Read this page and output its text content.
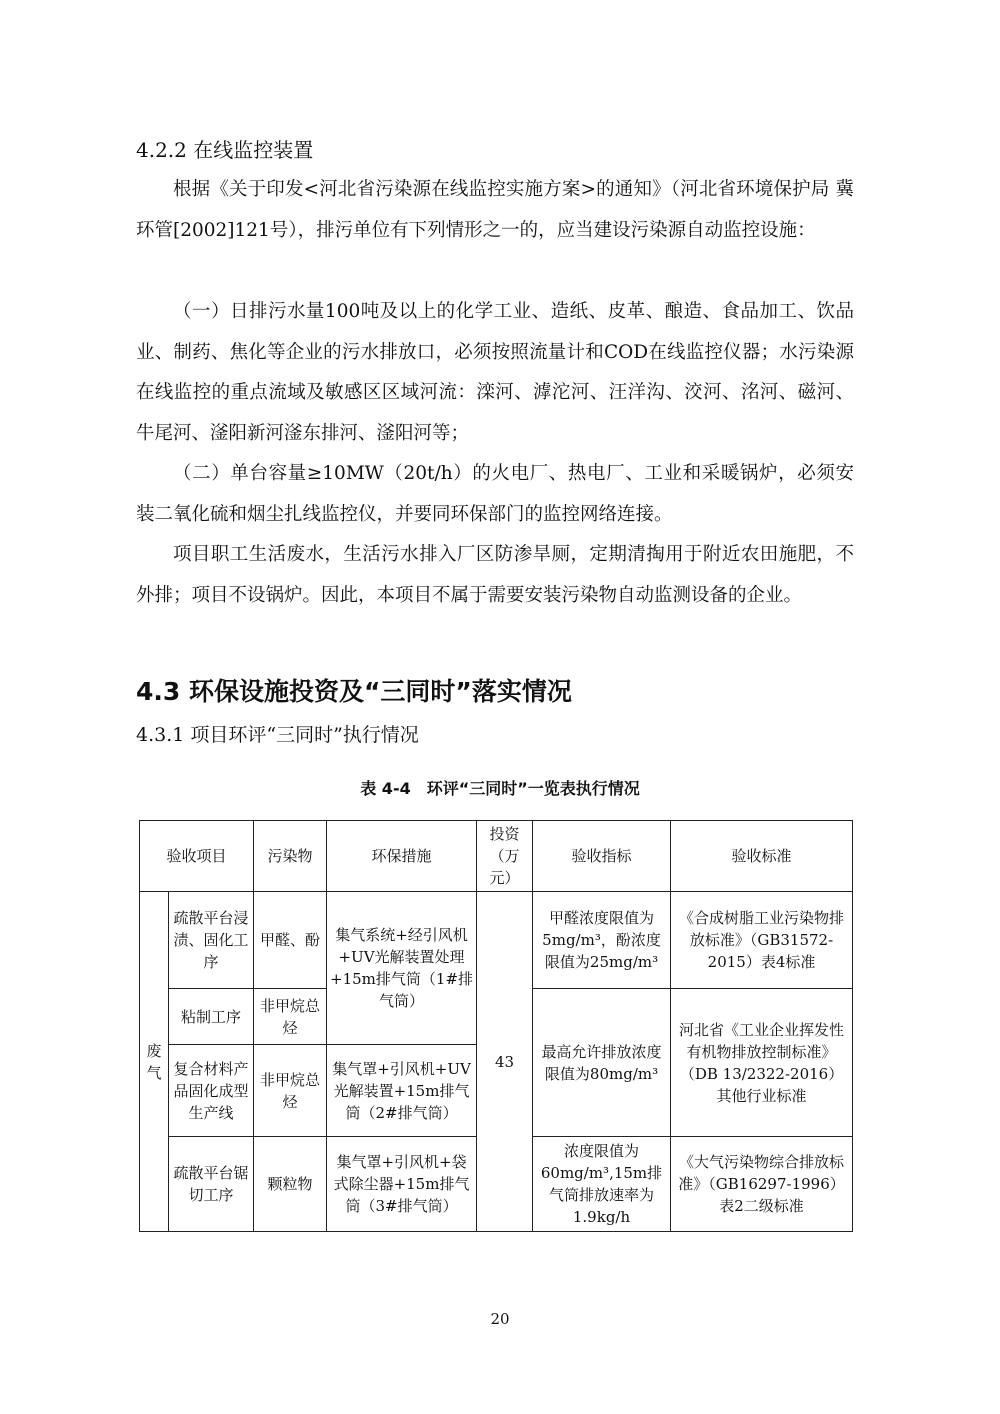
4.2.2 在线监控装置
根据《关于印发<河北省污染源在线监控实施方案>的通知》（河北省环境保护局 冀环管[2002]121号），排污单位有下列情形之一的，应当建设污染源自动监控设施：
（一）日排污水量100吨及以上的化学工业、造纸、皮革、酿造、食品加工、饮品业、制药、焦化等企业的污水排放口，必须按照流量计和COD在线监控仪器；水污染源在线监控的重点流域及敏感区区域河流：滦河、滹沱河、汪洋沟、洨河、洺河、磁河、牛尾河、滏阳新河滏东排河、滏阳河等；
（二）单台容量≥10MW（20t/h）的火电厂、热电厂、工业和采暖锅炉，必须安装二氧化硫和烟尘扎线监控仪，并要同环保部门的监控网络连接。
项目职工生活废水，生活污水排入厂区防渗旱厕，定期清掏用于附近农田施肥，不外排；项目不设锅炉。因此，本项目不属于需要安装污染物自动监测设备的企业。
4.3 环保设施投资及“三同时”落实情况
4.3.1 项目环评“三同时”执行情况
表 4-4　环评“三同时”一览表执行情况
验收项目		污染物	环保措施	投资（万元）	验收指标	验收标准
废气	疏散平台浸渍、固化工序	甲醛、酚	集气系统+经引风机+UV光解装置处理+15m排气筒（1#排气筒）	43	甲醛浓度限值为5mg/m³，酚浓度限值为25mg/m³	《合成树脂工业污染物排放标准》（GB31572-2015）表4标准
	粘制工序	非甲烷总烃			最高允许排放浓度限值为80mg/m³	河北省《工业企业挥发性有机物排放控制标准》（DB 13/2322-2016）其他行业标准
	复合材料产品固化成型生产线	非甲烷总烃	集气罩+引风机+UV光解装置+15m排气筒（2#排气筒）			
	疏散平台锯切工序	颗粒物	集气罩+引风机+袋式除尘器+15m排气筒（3#排气筒）		浓度限值为60mg/m³,15m排气筒排放速率为1.9kg/h	《大气污染物综合排放标准》（GB16297-1996）表2二级标准
20
